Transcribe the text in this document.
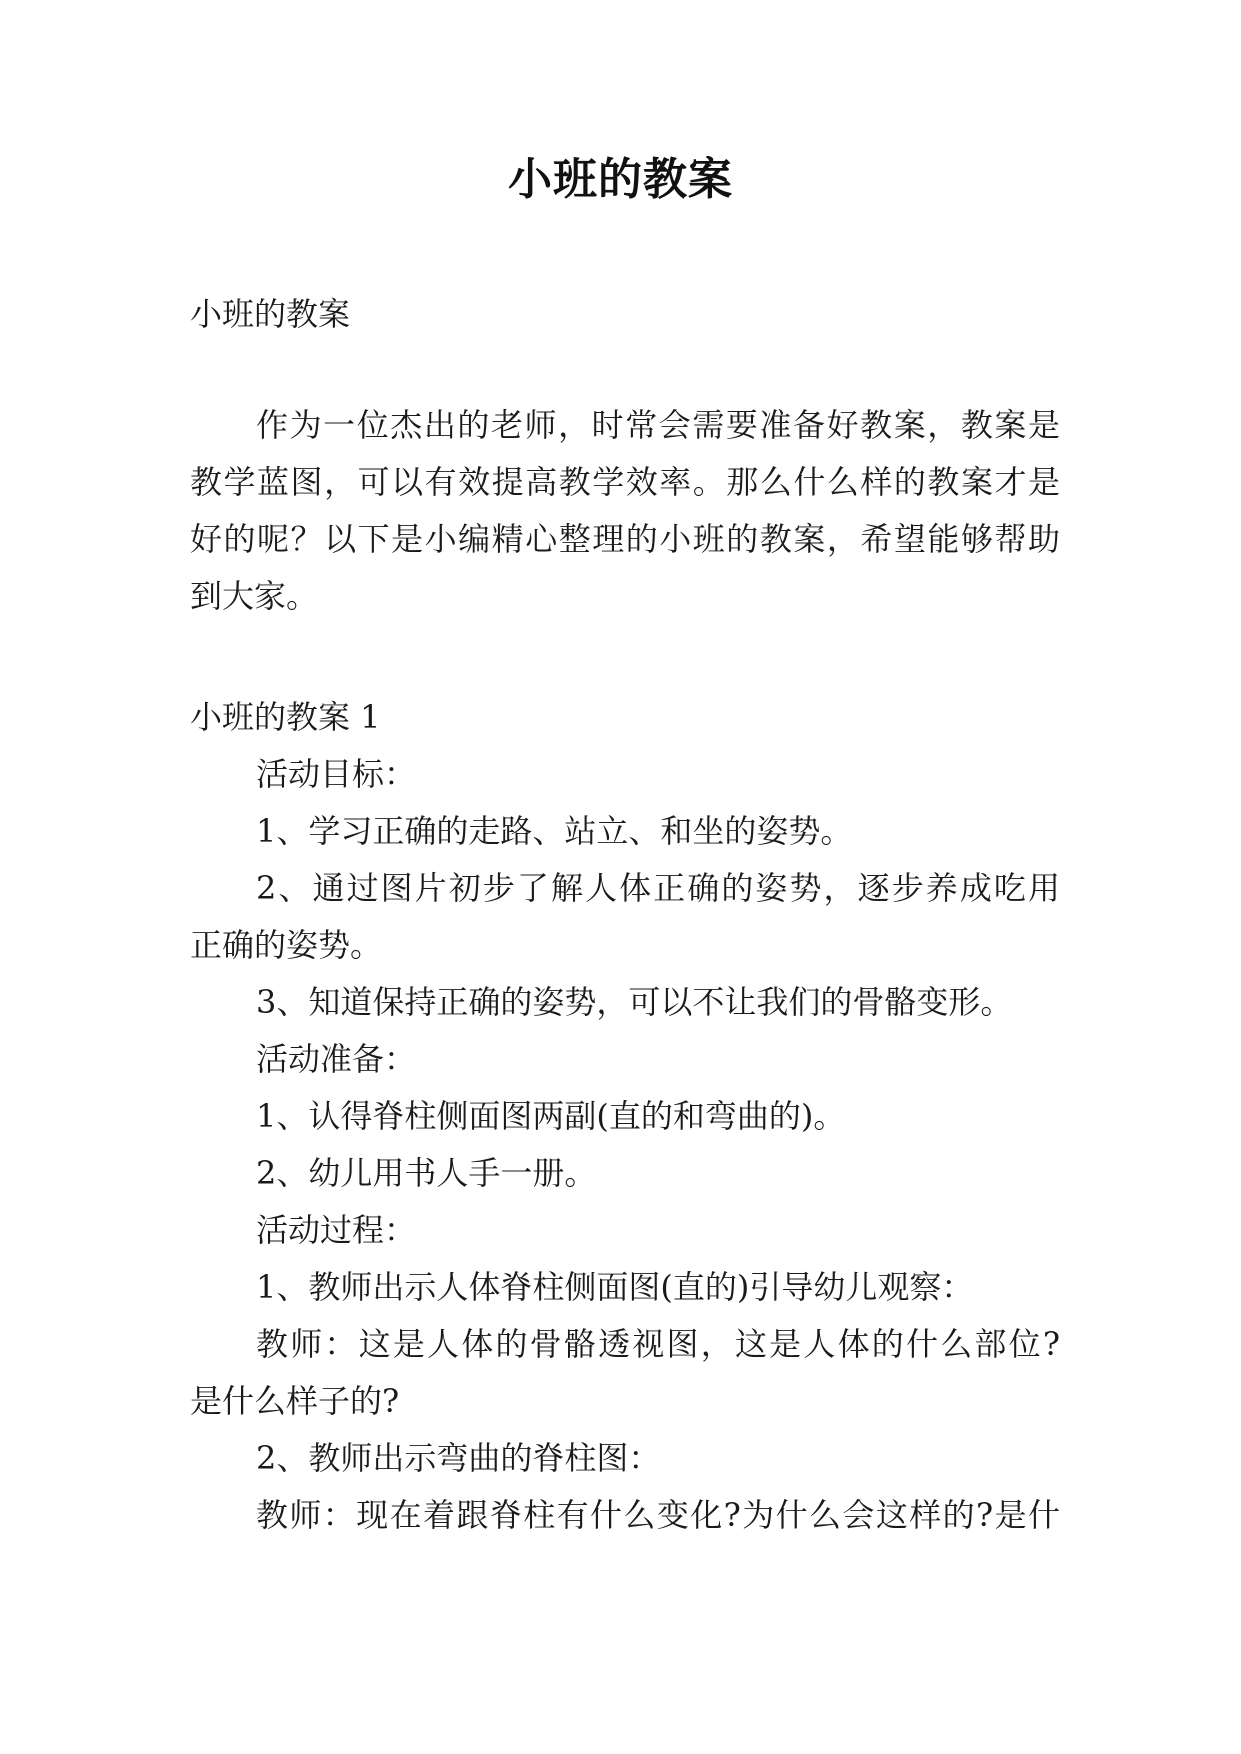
小班的教案
小班的教案
作为一位杰出的老师，时常会需要准备好教案，教案是
教学蓝图，可以有效提高教学效率。那么什么样的教案才是
好的呢？以下是小编精心整理的小班的教案，希望能够帮助
到大家。
小班的教案 1
活动目标：
1、学习正确的走路、站立、和坐的姿势。
2、通过图片初步了解人体正确的姿势，逐步养成吃用
正确的姿势。
3、知道保持正确的姿势，可以不让我们的骨骼变形。
活动准备：
1、认得脊柱侧面图两副(直的和弯曲的)。
2、幼儿用书人手一册。
活动过程：
1、教师出示人体脊柱侧面图(直的)引导幼儿观察：
教师：这是人体的骨骼透视图，这是人体的什么部位?
是什么样子的?
2、教师出示弯曲的脊柱图：
教师：现在着跟脊柱有什么变化?为什么会这样的?是什
